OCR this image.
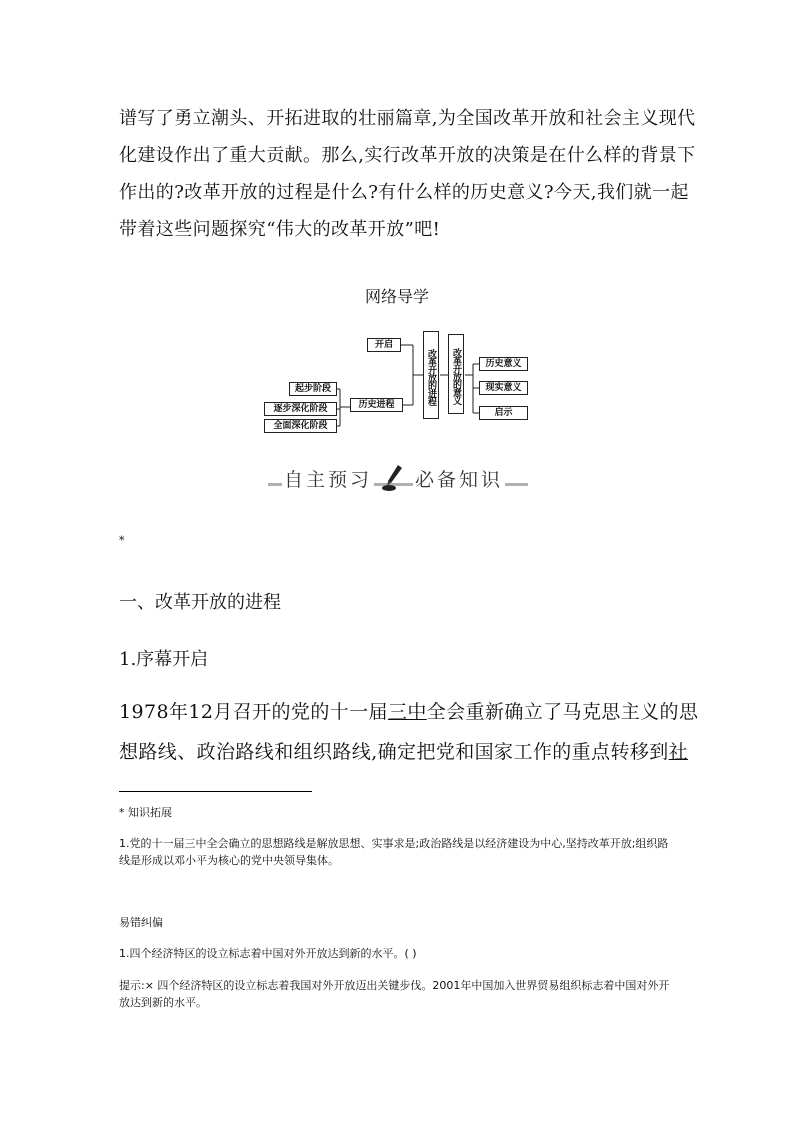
谱写了勇立潮头、开拓进取的壮丽篇章,为全国改革开放和社会主义现代化建设作出了重大贡献。那么,实行改革开放的决策是在什么样的背景下作出的?改革开放的过程是什么?有什么样的历史意义?今天,我们就一起带着这些问题探究“伟大的改革开放”吧!

网络导学
起步阶段
逐步深化阶段
全面深化阶段
历史进程
开启
改革开放的进程	改革开放的意义	历史意义
现实意义
启示
自主预习 必备知识
*
一、改革开放的进程
1.序幕开启

1978年12月召开的党的十一届三中全会重新确立了马克思主义的思想路线、政治路线和组织路线,确定把党和国家工作的重点转移到社

* 知识拓展

1.党的十一届三中全会确立的思想路线是解放思想、实事求是;政治路线是以经济建设为中心,坚持改革开放;组织路线是形成以邓小平为核心的党中央领导集体。

易错纠偏

1.四个经济特区的设立标志着中国对外开放达到新的水平。( )

提示:× 四个经济特区的设立标志着我国对外开放迈出关键步伐。2001年中国加入世界贸易组织标志着中国对外开放达到新的水平。
